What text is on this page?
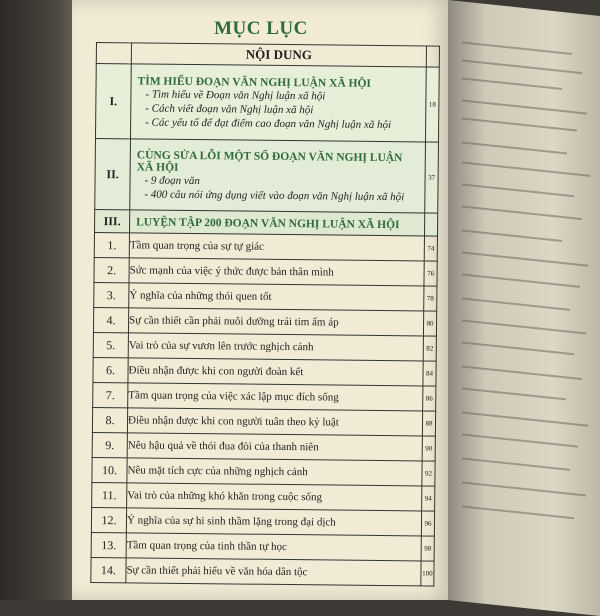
MỤC LỤC
	NỘI DUNG	
I.	TÌM HIỂU ĐOẠN VĂN NGHỊ LUẬN XÃ HỘI
- Tìm hiểu về Đoạn văn Nghị luận xã hội
- Cách viết đoạn văn Nghị luận xã hội
- Các yếu tố để đạt điểm cao đoạn văn Nghị luận xã hội	18
II.	CÙNG SỬA LỖI MỘT SỐ ĐOẠN VĂN NGHỊ LUẬN XÃ HỘI
- 9 đoạn văn
- 400 câu nói ứng dụng viết vào đoạn văn Nghị luận xã hội	37
III.	LUYỆN TẬP 200 ĐOẠN VĂN NGHỊ LUẬN XÃ HỘI	

1.	Tầm quan trọng của sự tự giác	74
2.	Sức mạnh của việc ý thức được bản thân mình	76
3.	Ý nghĩa của những thói quen tốt	78
4.	Sự cần thiết cần phải nuôi dưỡng trái tim ấm áp	80
5.	Vai trò của sự vươn lên trước nghịch cảnh	82
6.	Điều nhận được khi con người đoàn kết	84
7.	Tầm quan trọng của việc xác lập mục đích sống	86
8.	Điều nhận được khi con người tuân theo kỷ luật	88
9.	Nêu hậu quả về thói đua đòi của thanh niên	90
10.	Nêu mặt tích cực của những nghịch cảnh	92
11.	Vai trò của những khó khăn trong cuộc sống	94
12.	Ý nghĩa của sự hi sinh thầm lặng trong đại dịch	96
13.	Tầm quan trọng của tinh thần tự học	98
14.	Sự cần thiết phải hiểu về văn hóa dân tộc	100
